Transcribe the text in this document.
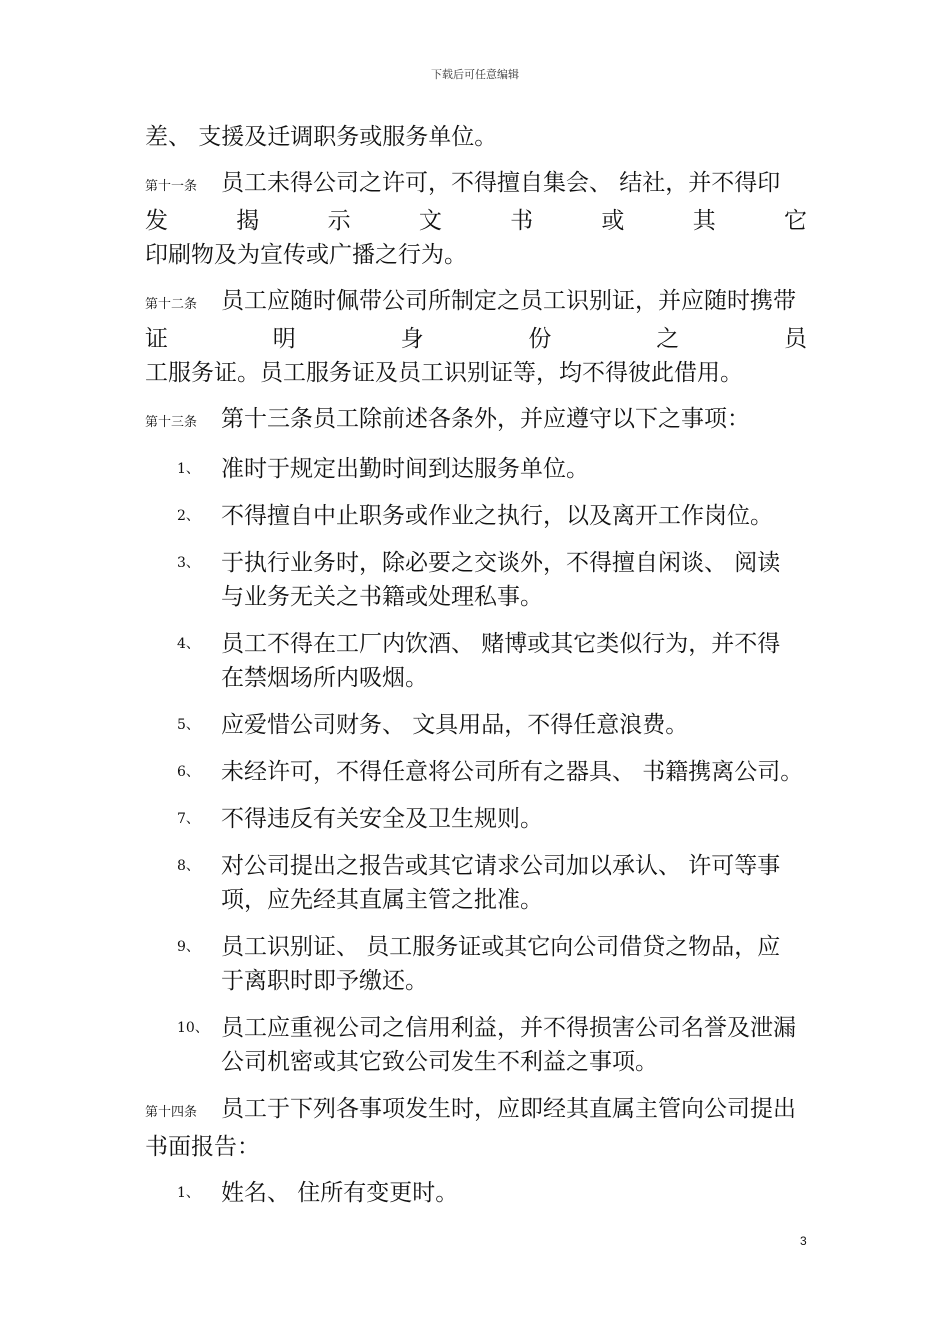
下载后可任意编辑
差、 支援及迁调职务或服务单位。
第十一条 员工未得公司之许可，不得擅自集会、 结社，并不得印
发	揭	示	文	书	或	其	它
印刷物及为宣传或广播之行为。
第十二条 员工应随时佩带公司所制定之员工识别证，并应随时携带
证	明	身	份	之	员
工服务证。员工服务证及员工识别证等，均不得彼此借用。
第十三条 第十三条员工除前述各条外，并应遵守以下之事项：
1、 准时于规定出勤时间到达服务单位。
2、 不得擅自中止职务或作业之执行，以及离开工作岗位。
3、 于执行业务时，除必要之交谈外，不得擅自闲谈、 阅读
与业务无关之书籍或处理私事。
4、 员工不得在工厂内饮酒、 赌博或其它类似行为，并不得
在禁烟场所内吸烟。
5、 应爱惜公司财务、 文具用品，不得任意浪费。
6、 未经许可，不得任意将公司所有之器具、 书籍携离公司。
7、 不得违反有关安全及卫生规则。
8、 对公司提出之报告或其它请求公司加以承认、 许可等事
项，应先经其直属主管之批准。
9、 员工识别证、 员工服务证或其它向公司借贷之物品，应
于离职时即予缴还。
10、 员工应重视公司之信用利益，并不得损害公司名誉及泄漏
公司机密或其它致公司发生不利益之事项。
第十四条 员工于下列各事项发生时，应即经其直属主管向公司提出
书面报告：
1、 姓名、 住所有变更时。
3
